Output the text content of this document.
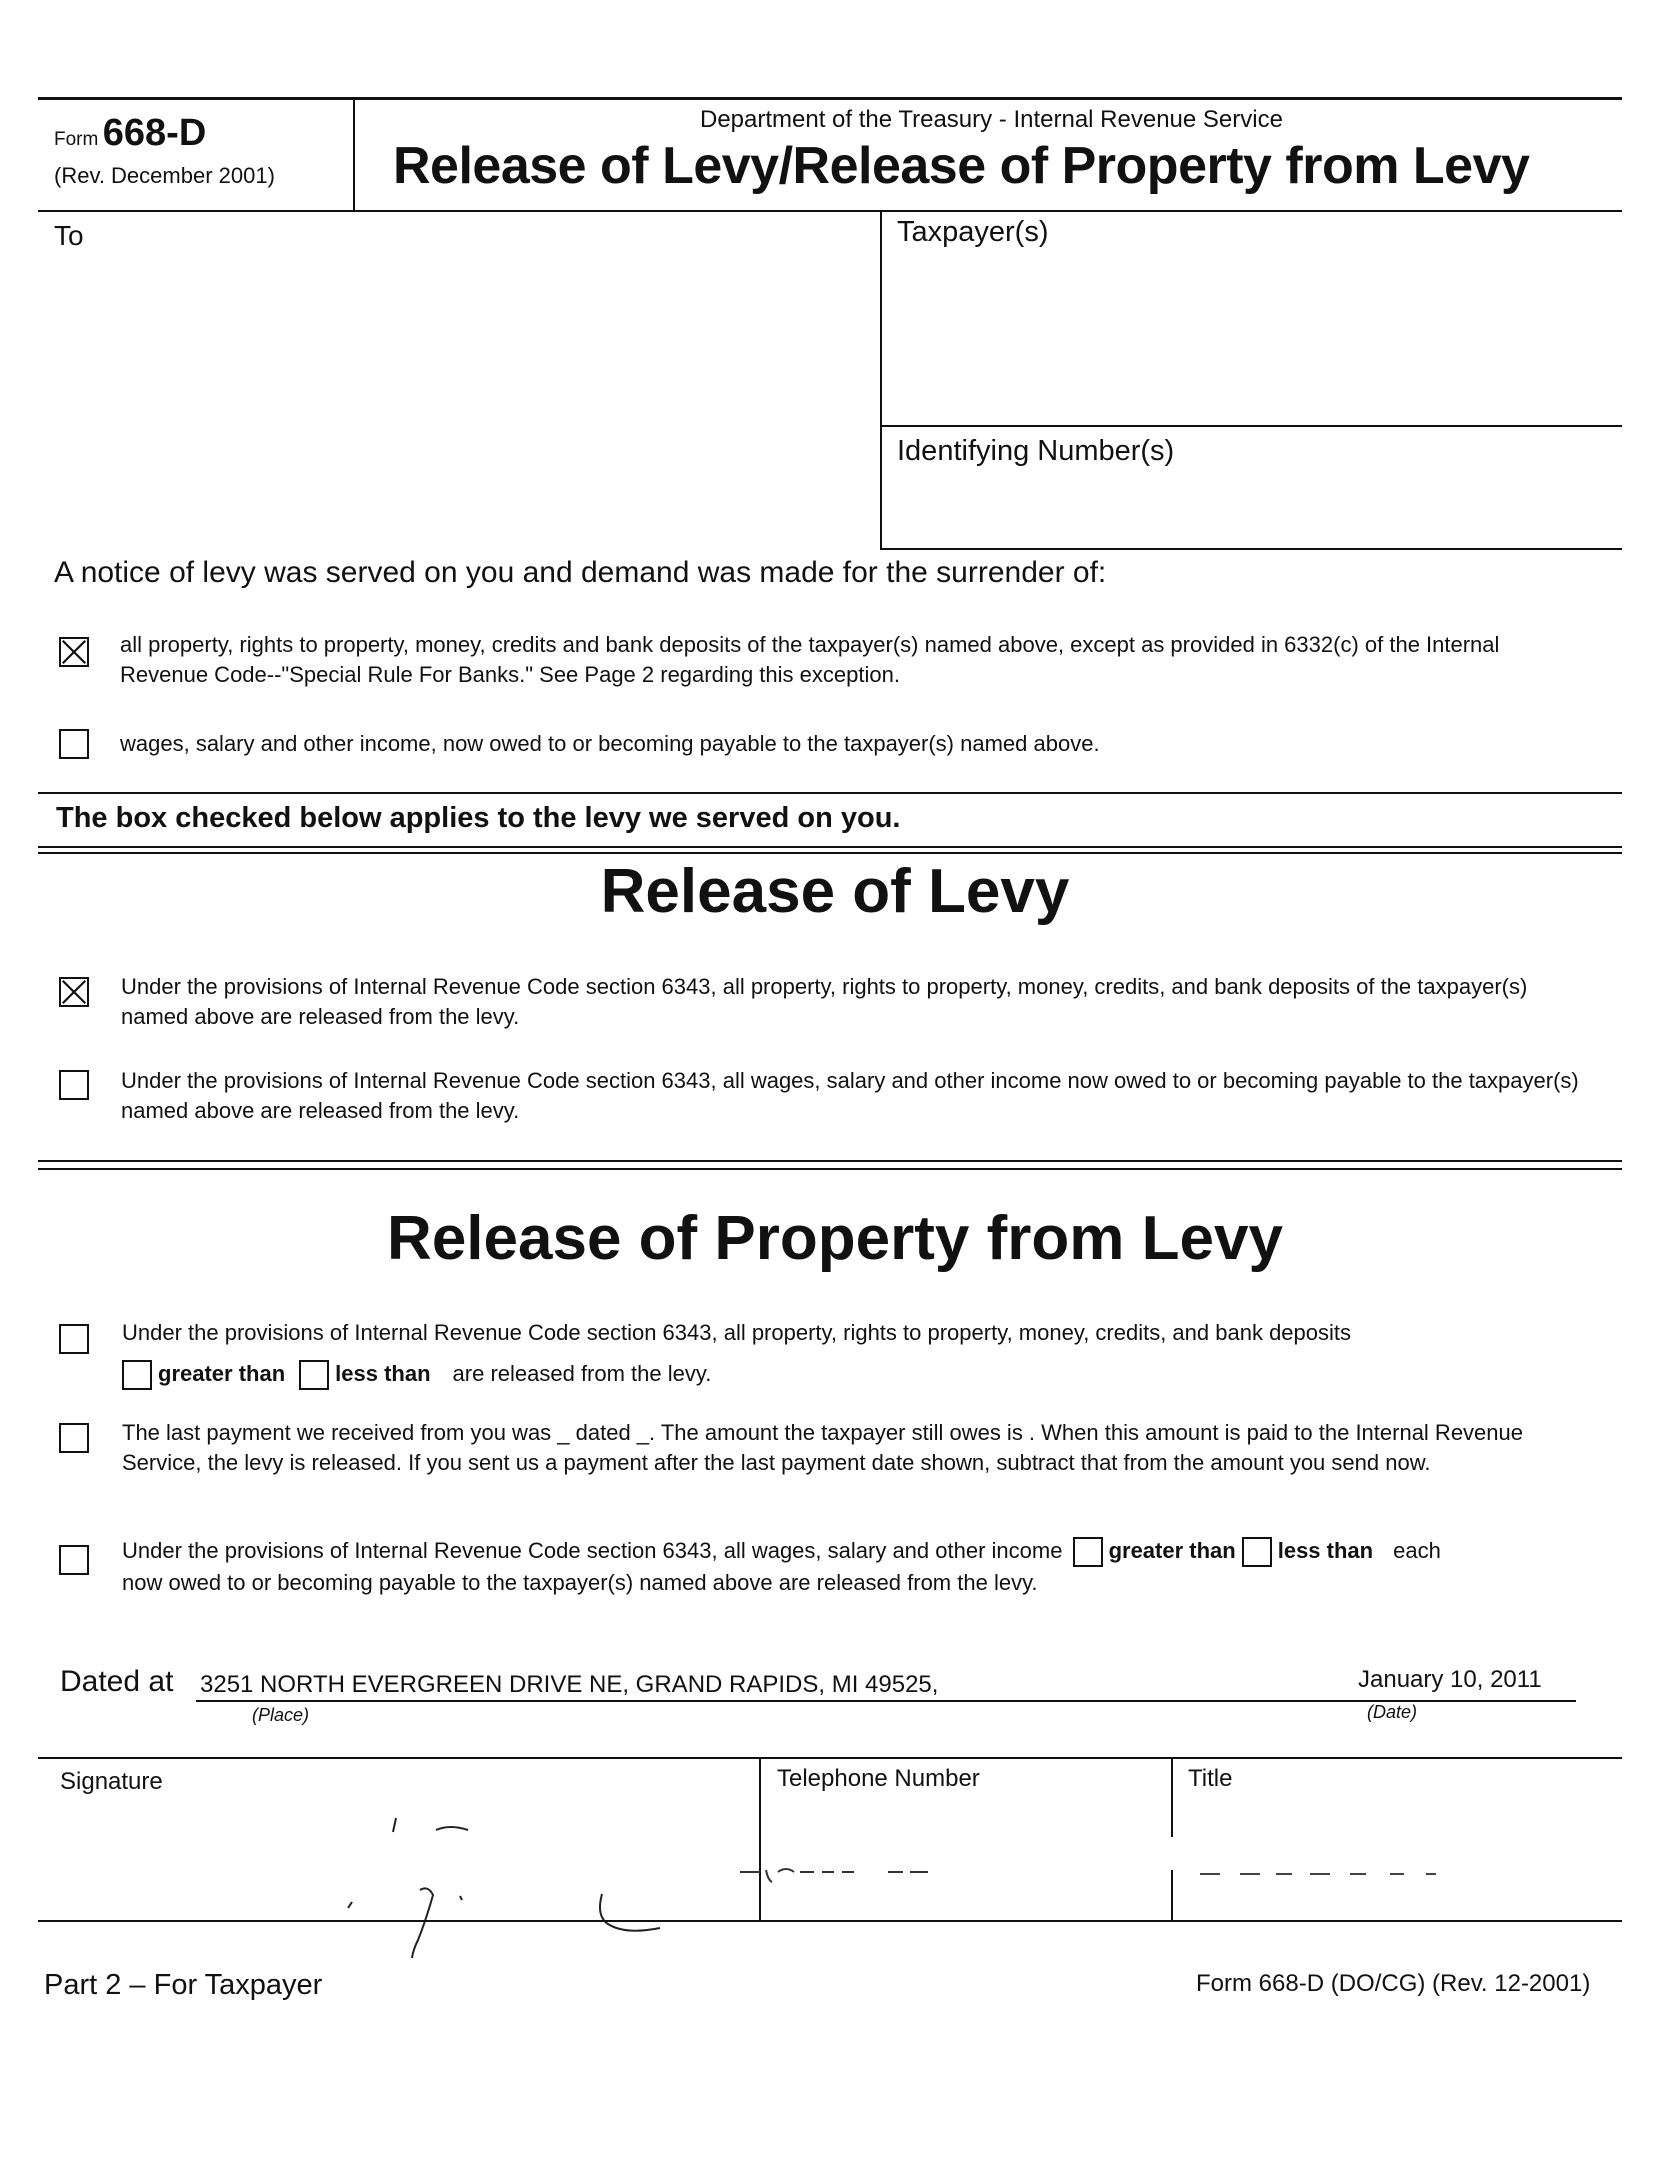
Form 668-D
(Rev. December 2001)
Department of the Treasury - Internal Revenue Service
Release of Levy/Release of Property from Levy
To	Taxpayer(s)
Identifying Number(s)
A notice of levy was served on you and demand was made for the surrender of:
all property, rights to property, money, credits and bank deposits of the taxpayer(s) named above, except as provided in 6332(c) of the Internal Revenue Code--"Special Rule For Banks." See Page 2 regarding this exception.
wages, salary and other income, now owed to or becoming payable to the taxpayer(s) named above.
The box checked below applies to the levy we served on you.
Release of Levy
Under the provisions of Internal Revenue Code section 6343, all property, rights to property, money, credits, and bank deposits of the taxpayer(s) named above are released from the levy.
Under the provisions of Internal Revenue Code section 6343, all wages, salary and other income now owed to or becoming payable to the taxpayer(s) named above are released from the levy.
Release of Property from Levy
Under the provisions of Internal Revenue Code section 6343, all property, rights to property, money, credits, and bank deposits
greater than less than are released from the levy.
The last payment we received from you was _ dated _. The amount the taxpayer still owes is . When this amount is paid to the Internal Revenue Service, the levy is released. If you sent us a payment after the last payment date shown, subtract that from the amount you send now.
Under the provisions of Internal Revenue Code section 6343, all wages, salary and other income greater than less than each
now owed to or becoming payable to the taxpayer(s) named above are released from the levy.
Dated at 3251 NORTH EVERGREEN DRIVE NE, GRAND RAPIDS, MI 49525,	January 10, 2011
(Place)	(Date)
Signature	Telephone Number	Title
Part 2 – For Taxpayer	Form 668-D (DO/CG) (Rev. 12-2001)
